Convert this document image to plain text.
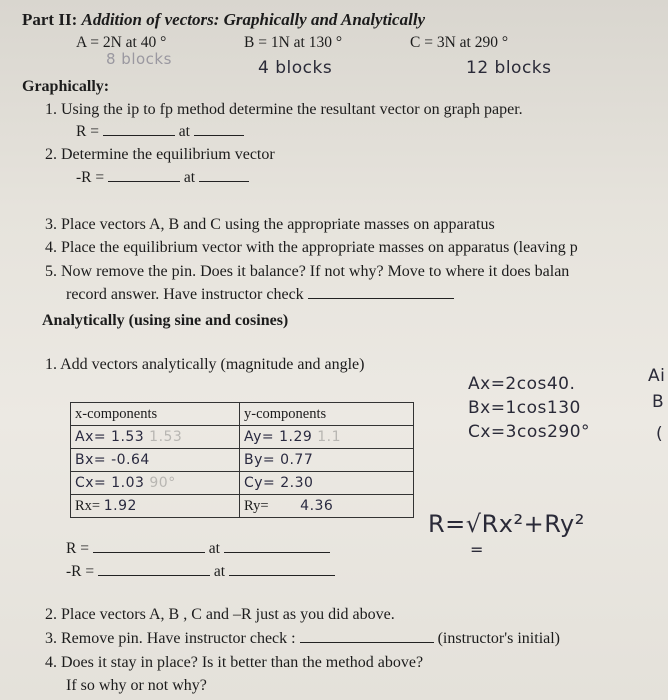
Part II: Addition of vectors: Graphically and Analytically
A = 2N at 40 °	B = 1N at 130 °	C = 3N at 290 °
8 blocks	4 blocks	12 blocks
Graphically:
1. Using the ip to fp method determine the resultant vector on graph paper.
R =	at
2. Determine the equilibrium vector
-R =	at
3. Place vectors A, B and C using the appropriate masses on apparatus
4. Place the equilibrium vector with the appropriate masses on apparatus (leaving p
5. Now remove the pin. Does it balance? If not why? Move to where it does balan
record answer. Have instructor check
Analytically (using sine and cosines)
1. Add vectors analytically (magnitude and angle)
x-components	y-components
Ax= 1.53 1.53	Ay= 1.29 1.1
Bx= -0.64	By= 0.77
Cx= 1.03 90°	Cy= 2.30
Rx= 1.92	Ry= 4.36
Ax=2cos40.
Bx=1cos130
Cx=3cos290°
Ai
B
(
R=√Rx²+Ry²
=
R =	at
-R =	at
2. Place vectors A, B , C and –R just as you did above.
3. Remove pin. Have instructor check :	(instructor's initial)
4. Does it stay in place? Is it better than the method above?
If so why or not why?
